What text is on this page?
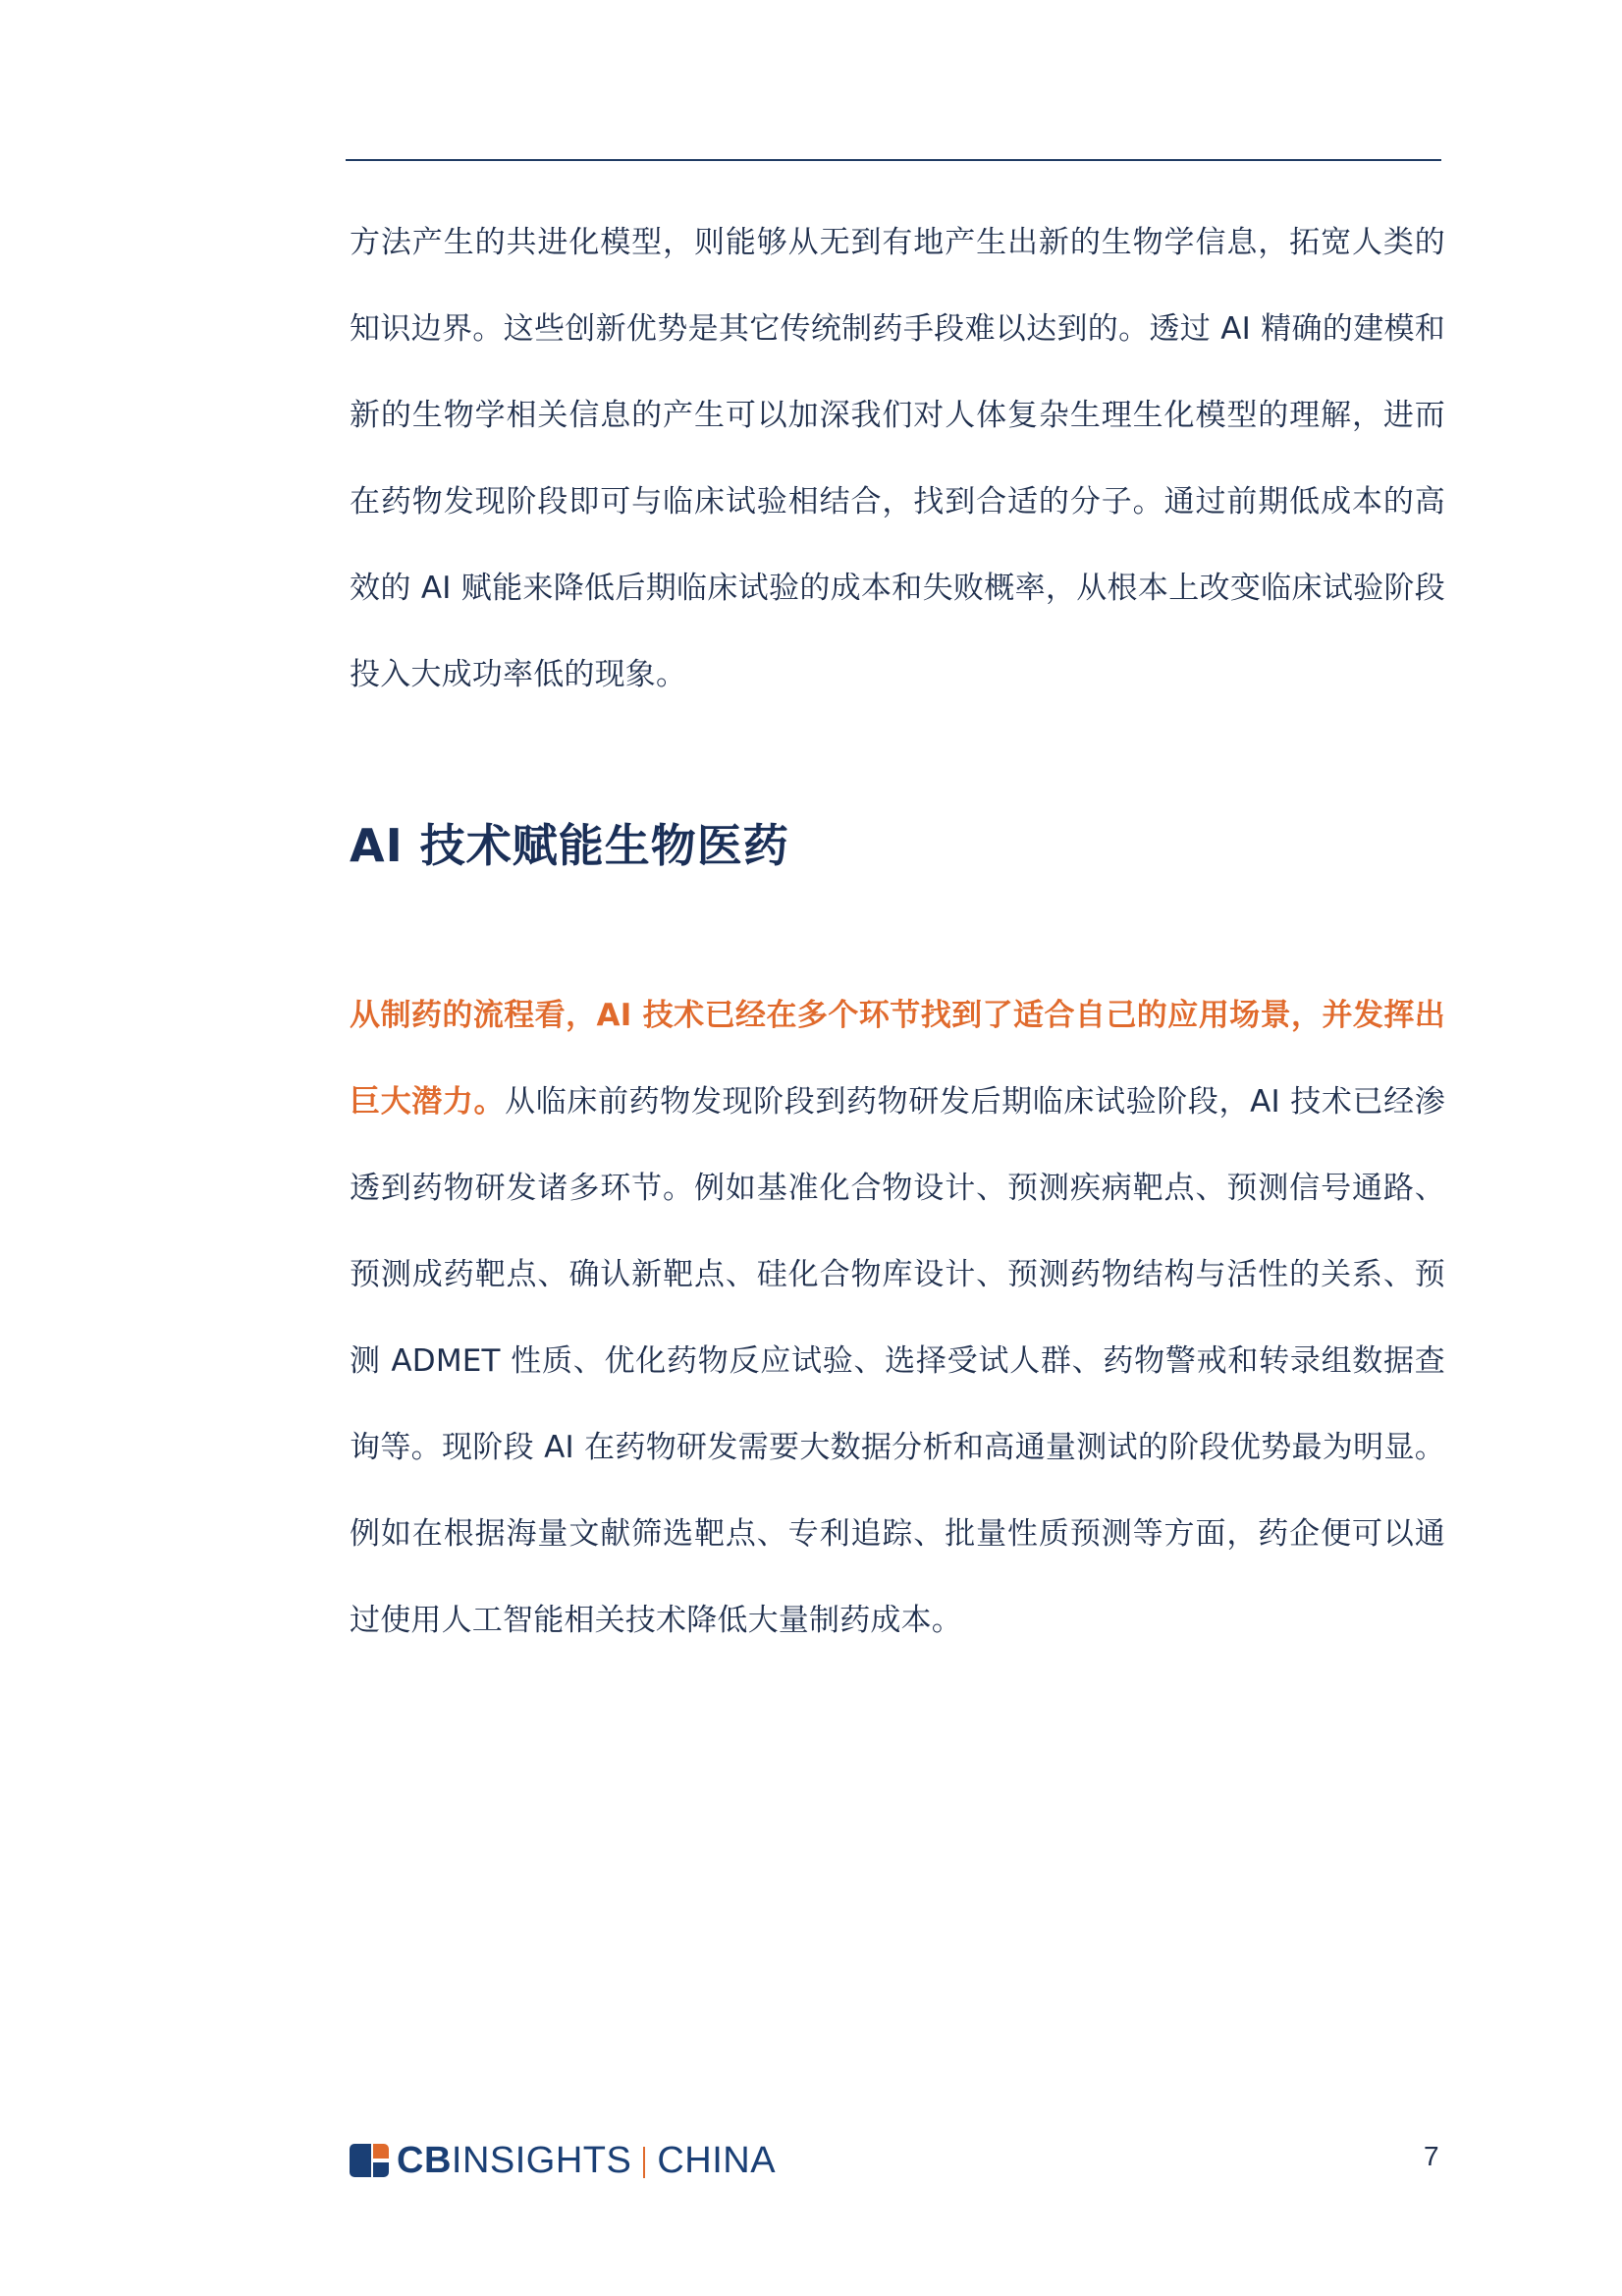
方法产生的共进化模型，则能够从无到有地产生出新的生物学信息，拓宽人类的知识边界。这些创新优势是其它传统制药手段难以达到的。透过 AI 精确的建模和新的生物学相关信息的产生可以加深我们对人体复杂生理生化模型的理解，进而在药物发现阶段即可与临床试验相结合，找到合适的分子。通过前期低成本的高效的 AI 赋能来降低后期临床试验的成本和失败概率，从根本上改变临床试验阶段投入大成功率低的现象。

AI 技术赋能生物医药

从制药的流程看，AI 技术已经在多个环节找到了适合自己的应用场景，并发挥出巨大潜力。从临床前药物发现阶段到药物研发后期临床试验阶段，AI 技术已经渗透到药物研发诸多环节。例如基准化合物设计、预测疾病靶点、预测信号通路、预测成药靶点、确认新靶点、硅化合物库设计、预测药物结构与活性的关系、预测 ADMET 性质、优化药物反应试验、选择受试人群、药物警戒和转录组数据查询等。现阶段 AI 在药物研发需要大数据分析和高通量测试的阶段优势最为明显。例如在根据海量文献筛选靶点、专利追踪、批量性质预测等方面，药企便可以通过使用人工智能相关技术降低大量制药成本。

CBINSIGHTS CHINA	7
